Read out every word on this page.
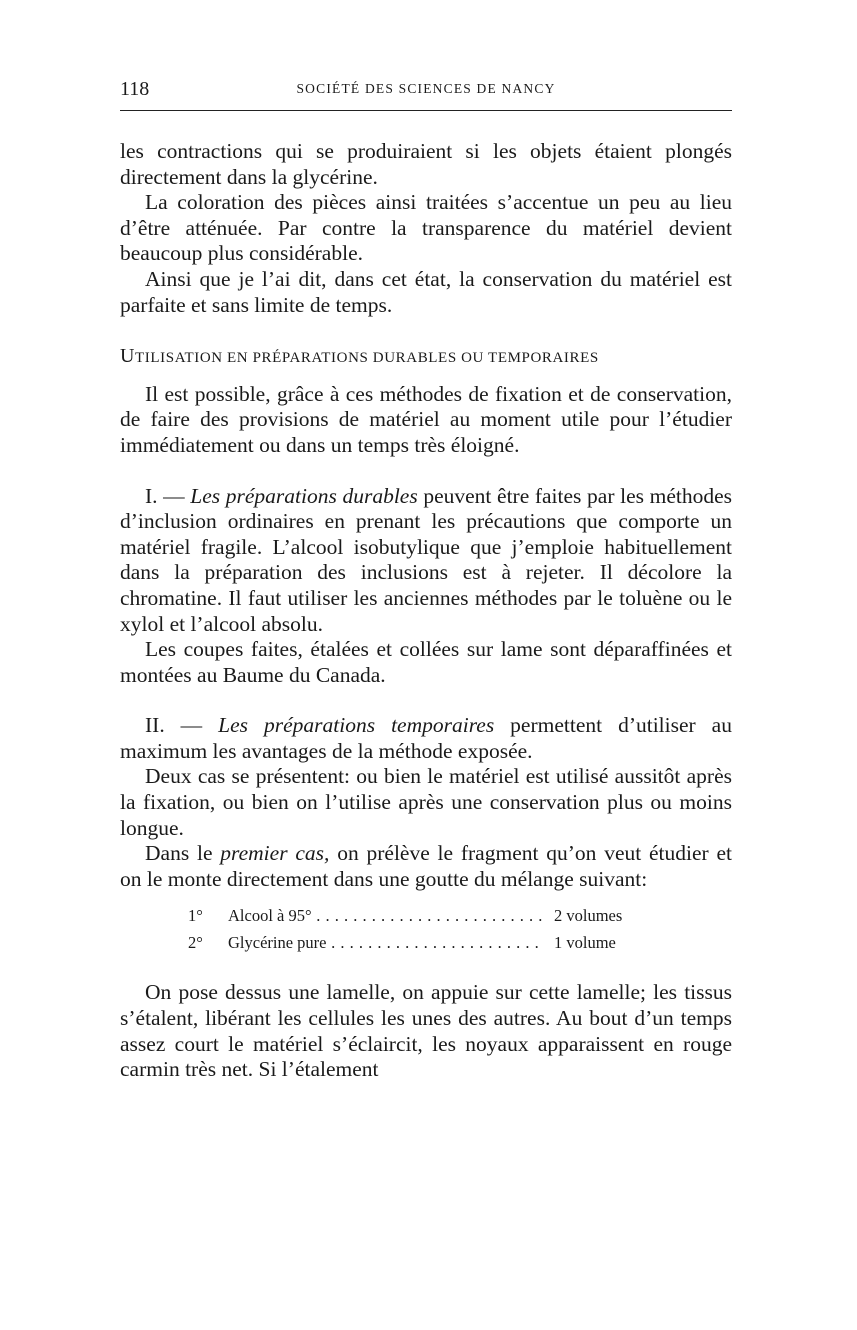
118	SOCIÉTÉ DES SCIENCES DE NANCY

les contractions qui se produiraient si les objets étaient plongés directement dans la glycérine.

La coloration des pièces ainsi traitées s’accentue un peu au lieu d’être atténuée. Par contre la transparence du matériel devient beaucoup plus considérable.

Ainsi que je l’ai dit, dans cet état, la conservation du matériel est parfaite et sans limite de temps.

UTILISATION EN PRÉPARATIONS DURABLES OU TEMPORAIRES

Il est possible, grâce à ces méthodes de fixation et de conservation, de faire des provisions de matériel au moment utile pour l’étudier immédiatement ou dans un temps très éloigné.

I. — Les préparations durables peuvent être faites par les méthodes d’inclusion ordinaires en prenant les précautions que comporte un matériel fragile. L’alcool isobutylique que j’emploie habituellement dans la préparation des inclusions est à rejeter. Il décolore la chromatine. Il faut utiliser les anciennes méthodes par le toluène ou le xylol et l’alcool absolu.

Les coupes faites, étalées et collées sur lame sont déparaffinées et montées au Baume du Canada.

II. — Les préparations temporaires permettent d’utiliser au maximum les avantages de la méthode exposée.

Deux cas se présentent: ou bien le matériel est utilisé aussitôt après la fixation, ou bien on l’utilise après une conservation plus ou moins longue.

Dans le premier cas, on prélève le fragment qu’on veut étudier et on le monte directement dans une goutte du mélange suivant:

1° Alcool à 95° . . .	2 volumes
2° Glycérine pure . . .	1 volume

On pose dessus une lamelle, on appuie sur cette lamelle; les tissus s’étalent, libérant les cellules les unes des autres. Au bout d’un temps assez court le matériel s’éclaircit, les noyaux apparaissent en rouge carmin très net. Si l’étalement
